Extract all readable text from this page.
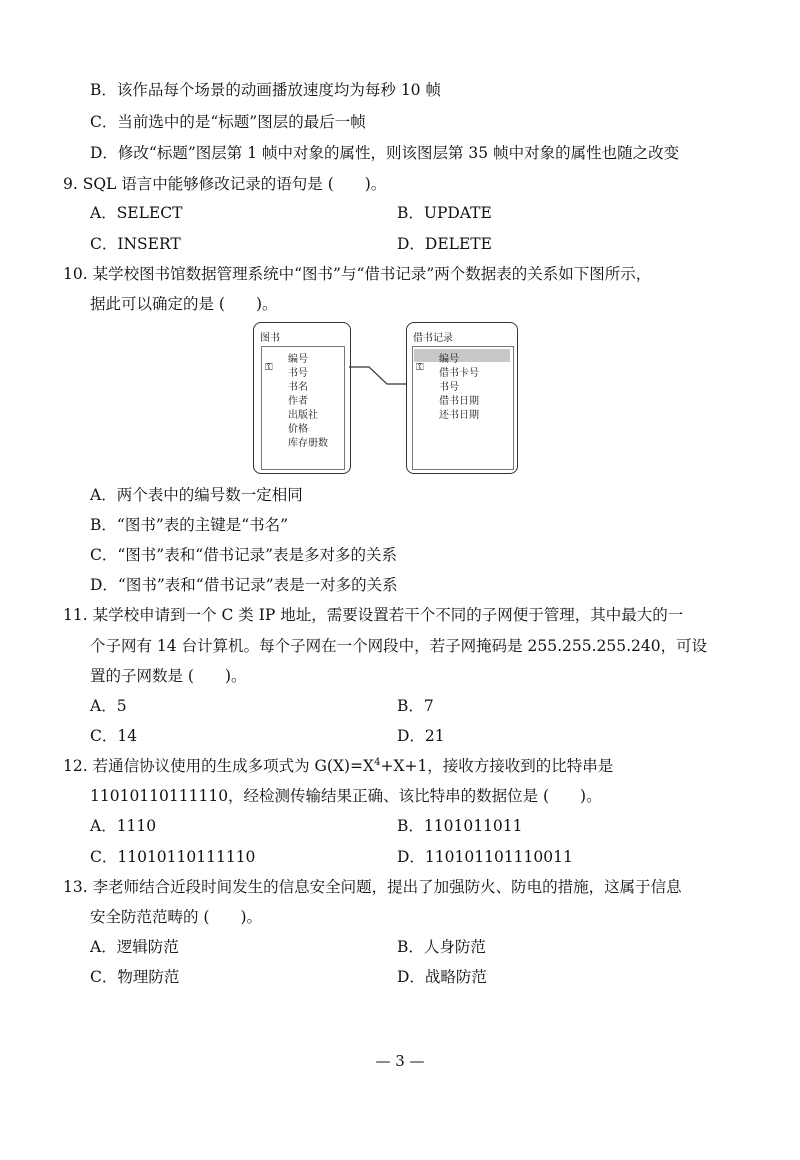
B．该作品每个场景的动画播放速度均为每秒 10 帧
C．当前选中的是“标题”图层的最后一帧
D．修改“标题”图层第 1 帧中对象的属性，则该图层第 35 帧中对象的属性也随之改变
9. SQL 语言中能够修改记录的语句是 (　　)。
A．SELECT	B．UPDATE
C．INSERT	D．DELETE
10. 某学校图书馆数据管理系统中“图书”与“借书记录”两个数据表的关系如下图所示，
据此可以确定的是 (　　)。
图书
⚿
编号
书号
书名
作者
出版社
价格
库存册数
借书记录
⚿
编号
借书卡号
书号
借书日期
还书日期
A．两个表中的编号数一定相同
B．“图书”表的主键是“书名”
C．“图书”表和“借书记录”表是多对多的关系
D．“图书”表和“借书记录”表是一对多的关系
11. 某学校申请到一个 C 类 IP 地址，需要设置若干个不同的子网便于管理，其中最大的一
个子网有 14 台计算机。每个子网在一个网段中，若子网掩码是 255.255.255.240，可设
置的子网数是 (　　)。
A．5	B．7
C．14	D．21
12. 若通信协议使用的生成多项式为 $G(X)=X^4+X+1$，接收方接收到的比特串是
11010110111110，经检测传输结果正确、该比特串的数据位是 (　　)。
A．1110	B．1101011011
C．11010110111110	D．110101101110011
13. 李老师结合近段时间发生的信息安全问题，提出了加强防火、防电的措施，这属于信息
安全防范范畴的 (　　)。
A．逻辑防范	B．人身防范
C．物理防范	D．战略防范
— 3 —
